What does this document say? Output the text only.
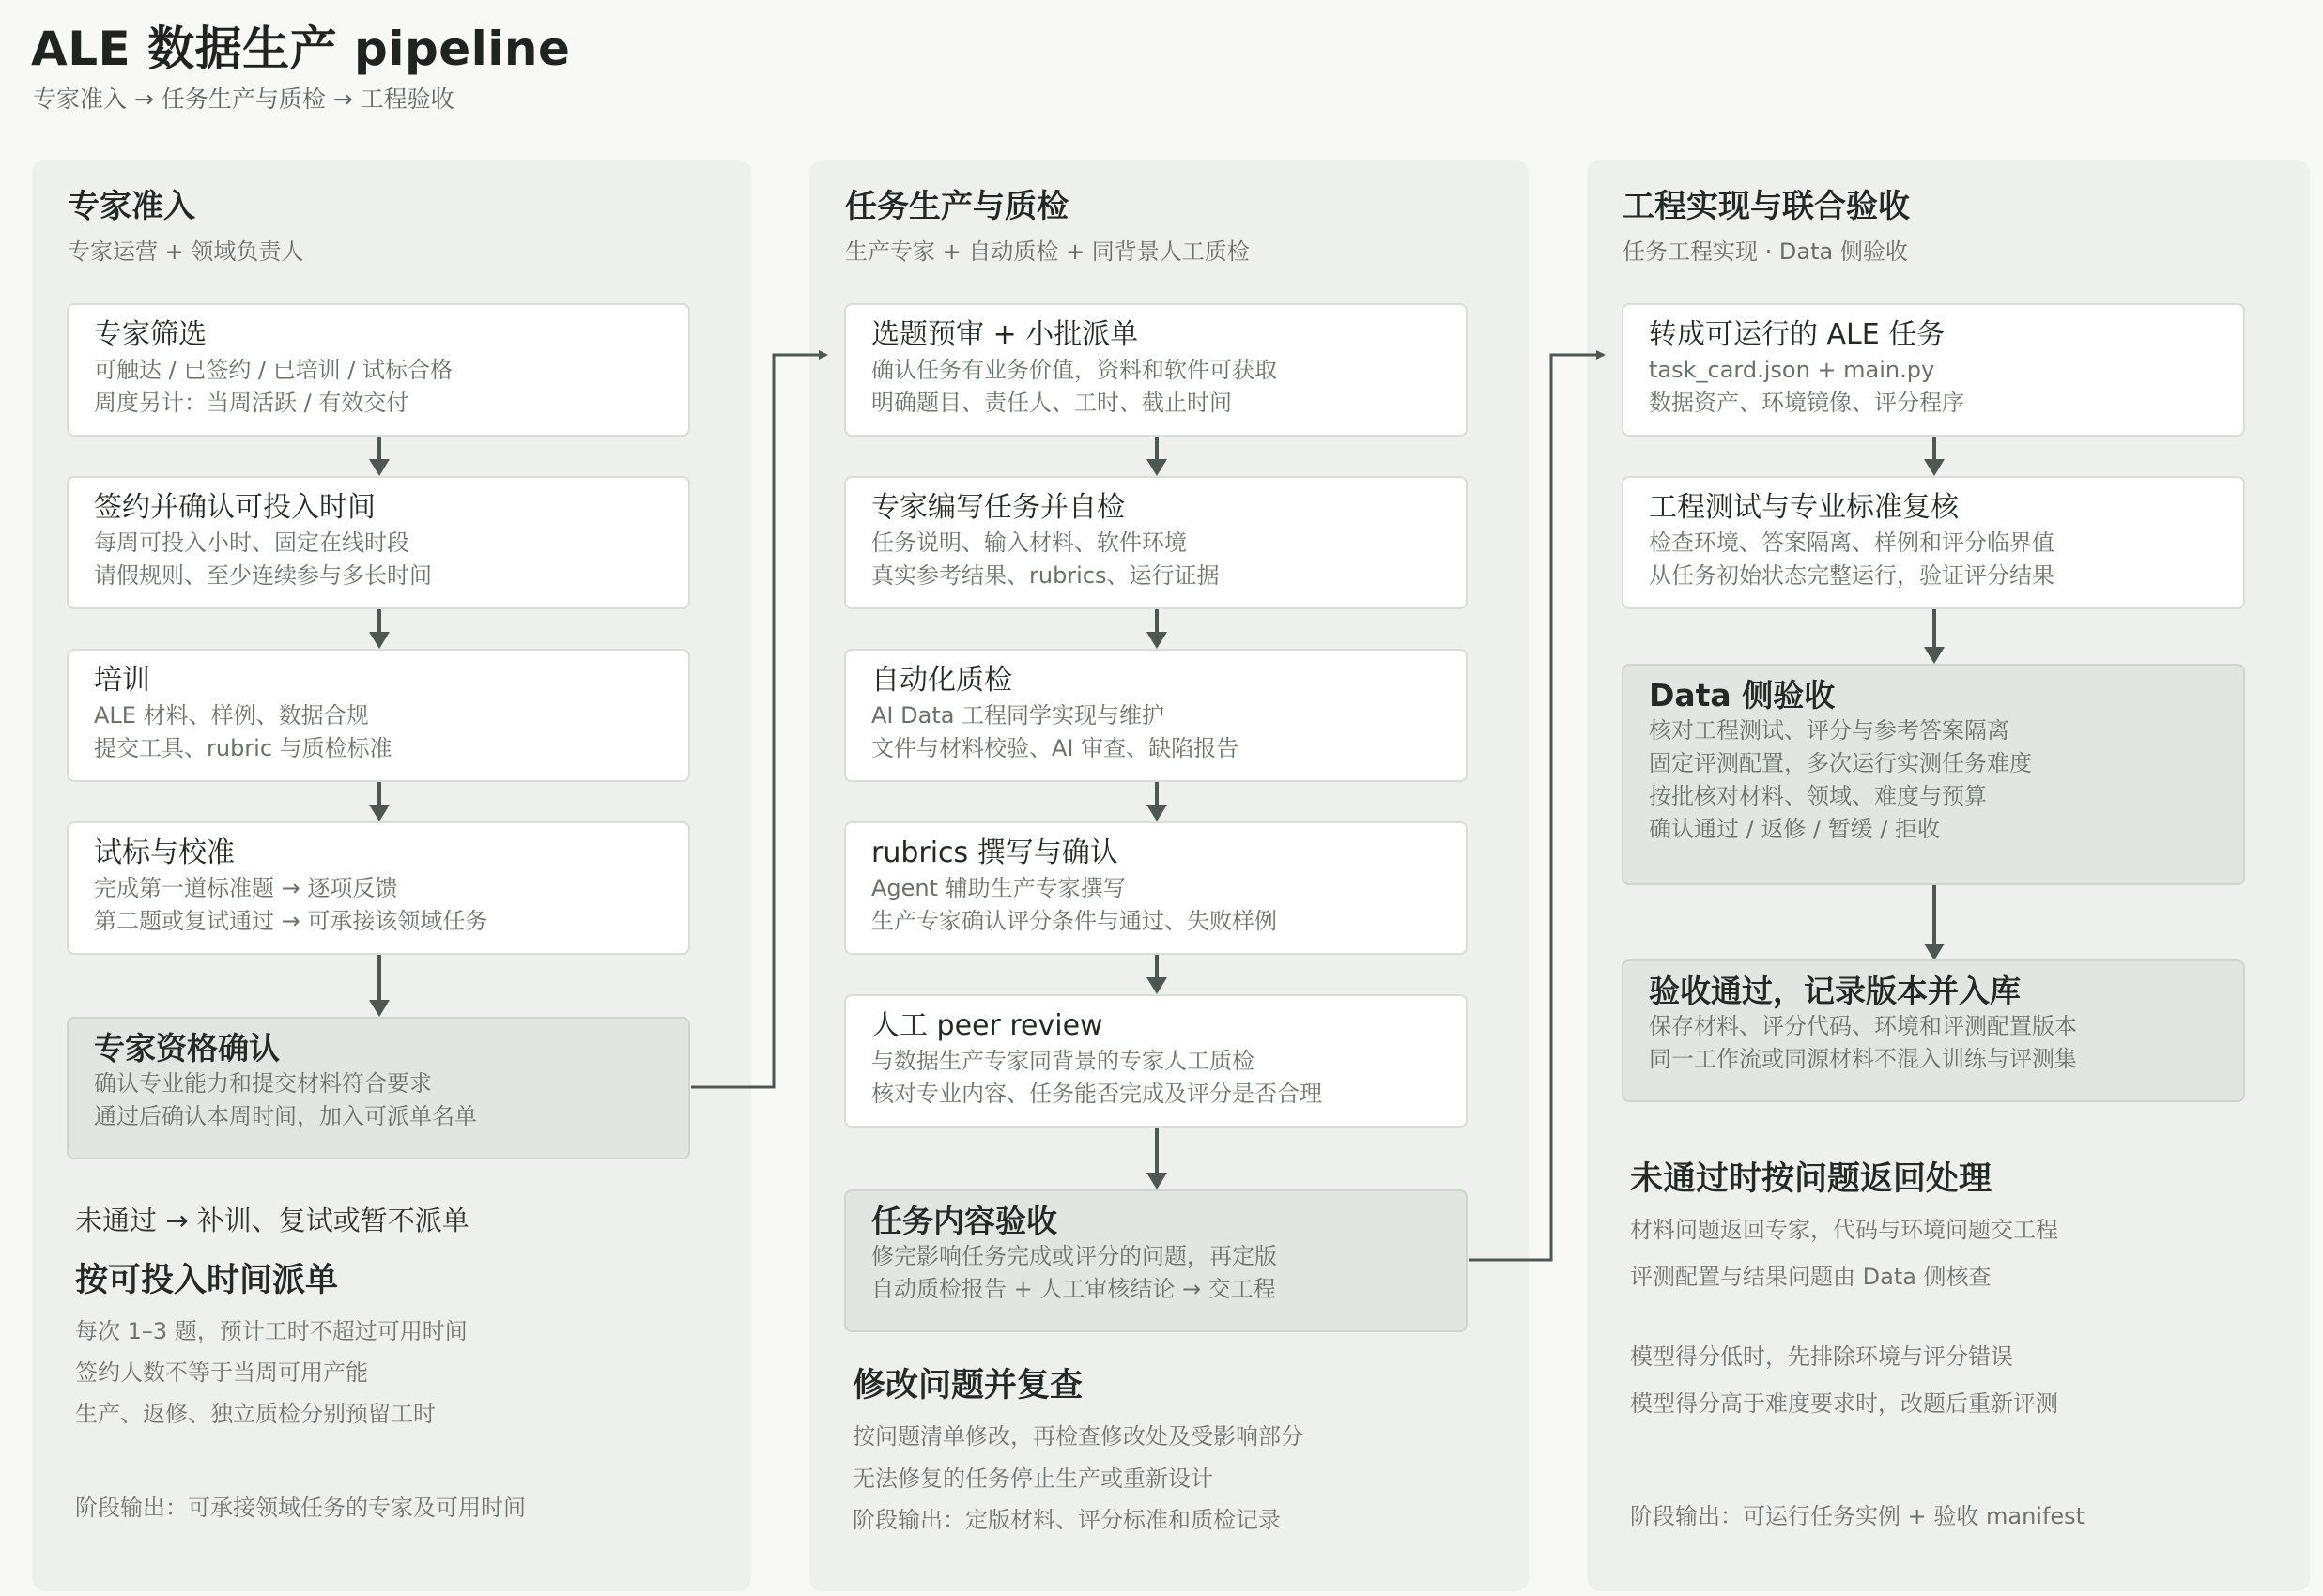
ALE 数据生产 pipeline
专家准入 → 任务生产与质检 → 工程验收
专家准入
专家运营 + 领域负责人
专家筛选
可触达 / 已签约 / 已培训 / 试标合格
周度另计：当周活跃 / 有效交付
签约并确认可投入时间
每周可投入小时、固定在线时段
请假规则、至少连续参与多长时间
培训
ALE 材料、样例、数据合规
提交工具、rubric 与质检标准
试标与校准
完成第一道标准题 → 逐项反馈
第二题或复试通过 → 可承接该领域任务
专家资格确认
确认专业能力和提交材料符合要求
通过后确认本周时间，加入可派单名单
未通过 → 补训、复试或暂不派单
按可投入时间派单
每次 1–3 题，预计工时不超过可用时间
签约人数不等于当周可用产能
生产、返修、独立质检分别预留工时
阶段输出：可承接领域任务的专家及可用时间
任务生产与质检
生产专家 + 自动质检 + 同背景人工质检
选题预审 + 小批派单
确认任务有业务价值，资料和软件可获取
明确题目、责任人、工时、截止时间
专家编写任务并自检
任务说明、输入材料、软件环境
真实参考结果、rubrics、运行证据
自动化质检
AI Data 工程同学实现与维护
文件与材料校验、AI 审查、缺陷报告
rubrics 撰写与确认
Agent 辅助生产专家撰写
生产专家确认评分条件与通过、失败样例
人工 peer review
与数据生产专家同背景的专家人工质检
核对专业内容、任务能否完成及评分是否合理
任务内容验收
修完影响任务完成或评分的问题，再定版
自动质检报告 + 人工审核结论 → 交工程
修改问题并复查
按问题清单修改，再检查修改处及受影响部分
无法修复的任务停止生产或重新设计
阶段输出：定版材料、评分标准和质检记录
工程实现与联合验收
任务工程实现 · Data 侧验收
转成可运行的 ALE 任务
task_card.json + main.py
数据资产、环境镜像、评分程序
工程测试与专业标准复核
检查环境、答案隔离、样例和评分临界值
从任务初始状态完整运行，验证评分结果
Data 侧验收
核对工程测试、评分与参考答案隔离
固定评测配置，多次运行实测任务难度
按批核对材料、领域、难度与预算
确认通过 / 返修 / 暂缓 / 拒收
验收通过，记录版本并入库
保存材料、评分代码、环境和评测配置版本
同一工作流或同源材料不混入训练与评测集
未通过时按问题返回处理
材料问题返回专家，代码与环境问题交工程
评测配置与结果问题由 Data 侧核查
模型得分低时，先排除环境与评分错误
模型得分高于难度要求时，改题后重新评测
阶段输出：可运行任务实例 + 验收 manifest
